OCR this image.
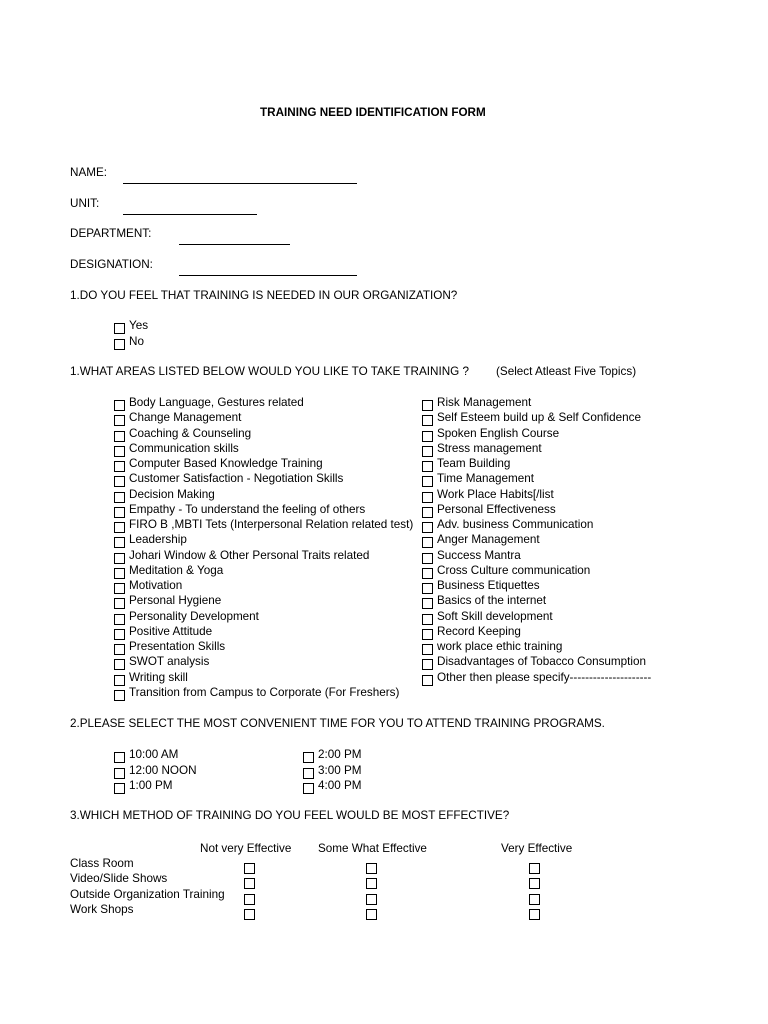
TRAINING NEED IDENTIFICATION FORM
NAME:
UNIT:
DEPARTMENT:
DESIGNATION:
1.DO YOU FEEL THAT TRAINING IS NEEDED IN OUR ORGANIZATION?
Yes
No
1.WHAT AREAS LISTED BELOW WOULD YOU LIKE TO TAKE TRAINING ? (Select Atleast Five Topics)
Body Language, Gestures related
Change Management
Coaching & Counseling
Communication skills
Computer Based Knowledge Training
Customer Satisfaction - Negotiation Skills
Decision Making
Empathy - To understand the feeling of others
FIRO B ,MBTI Tets (Interpersonal Relation related test)
Leadership
Johari Window & Other Personal Traits related
Meditation & Yoga
Motivation
Personal Hygiene
Personality Development
Positive Attitude
Presentation Skills
SWOT analysis
Writing skill
Transition from Campus to Corporate (For Freshers)
Risk Management
Self Esteem build up & Self Confidence
Spoken English Course
Stress management
Team Building
Time Management
Work Place Habits[/list
Personal Effectiveness
Adv. business Communication
Anger Management
Success Mantra
Cross Culture communication
Business Etiquettes
Basics of the internet
Soft Skill development
Record Keeping
work place ethic training
Disadvantages of Tobacco Consumption
Other then please specify---------------------
2.PLEASE SELECT THE MOST CONVENIENT TIME FOR YOU TO ATTEND TRAINING PROGRAMS.
10:00 AM
12:00 NOON
1:00 PM
2:00 PM
3:00 PM
4:00 PM
3.WHICH METHOD OF TRAINING DO YOU FEEL WOULD BE MOST EFFECTIVE?
Not very Effective Some What Effective	Very Effective
Class Room
Video/Slide Shows
Outside Organization Training
Work Shops
